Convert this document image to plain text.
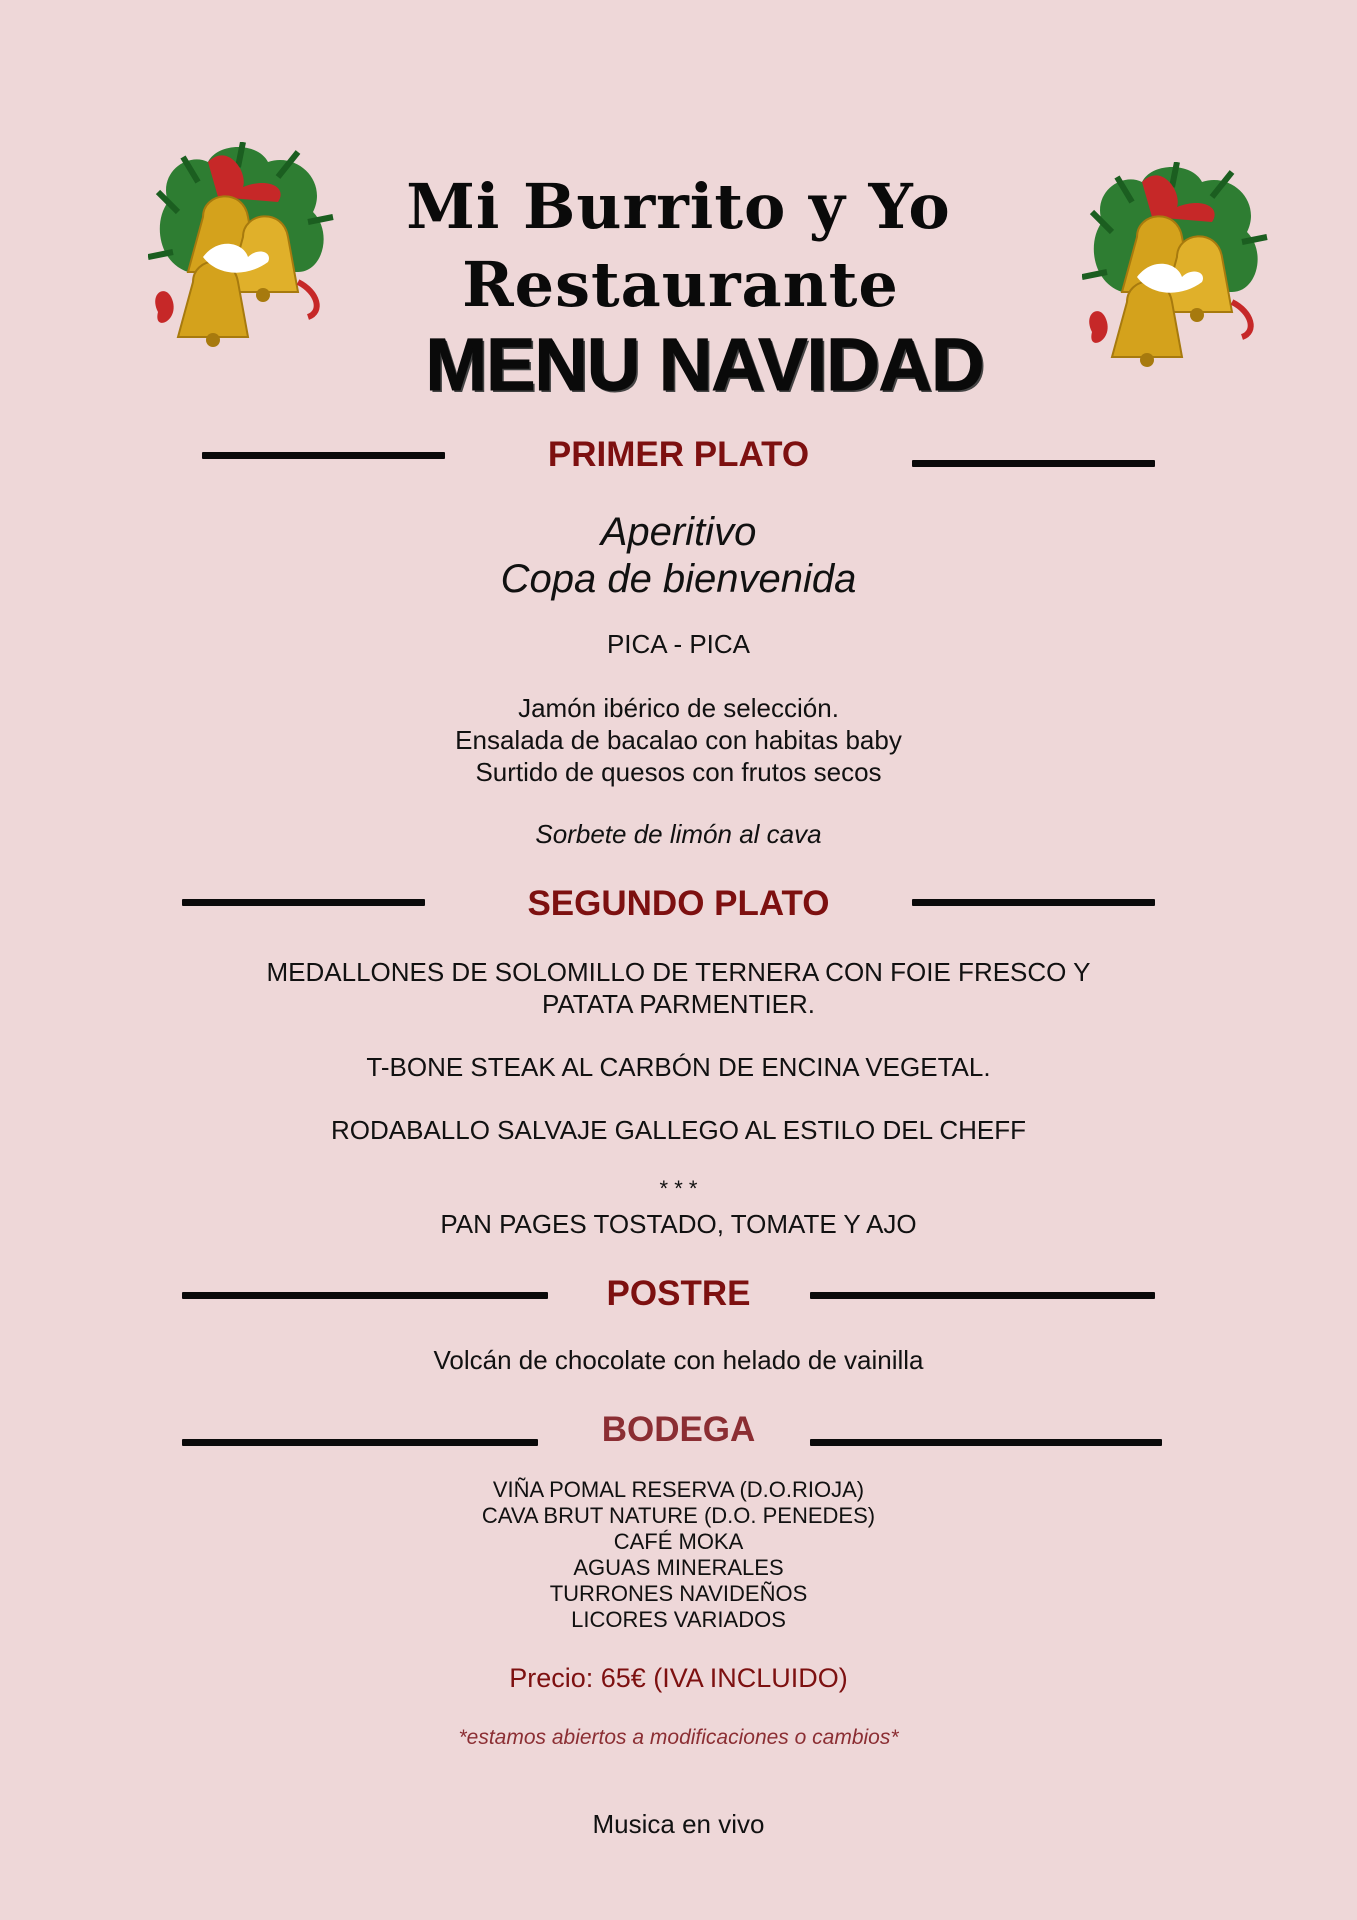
Mi Burrito y Yo
Restaurante
MENU NAVIDAD
PRIMER PLATO
Aperitivo
Copa de bienvenida
PICA - PICA
Jamón ibérico de selección.
Ensalada de bacalao con habitas baby
Surtido de quesos con frutos secos
Sorbete de limón al cava
SEGUNDO PLATO
MEDALLONES DE SOLOMILLO DE TERNERA CON FOIE FRESCO Y
PATATA PARMENTIER.
T-BONE STEAK AL CARBÓN DE ENCINA VEGETAL.
RODABALLO SALVAJE GALLEGO AL ESTILO DEL CHEFF
* * *
PAN PAGES TOSTADO, TOMATE Y AJO
POSTRE
Volcán de chocolate con helado de vainilla
BODEGA
VIÑA POMAL RESERVA (D.O.RIOJA)
CAVA BRUT NATURE (D.O. PENEDES)
CAFÉ MOKA
AGUAS MINERALES
TURRONES NAVIDEÑOS
LICORES VARIADOS
Precio: 65€ (IVA INCLUIDO)
*estamos abiertos a modificaciones o cambios*
Musica en vivo
